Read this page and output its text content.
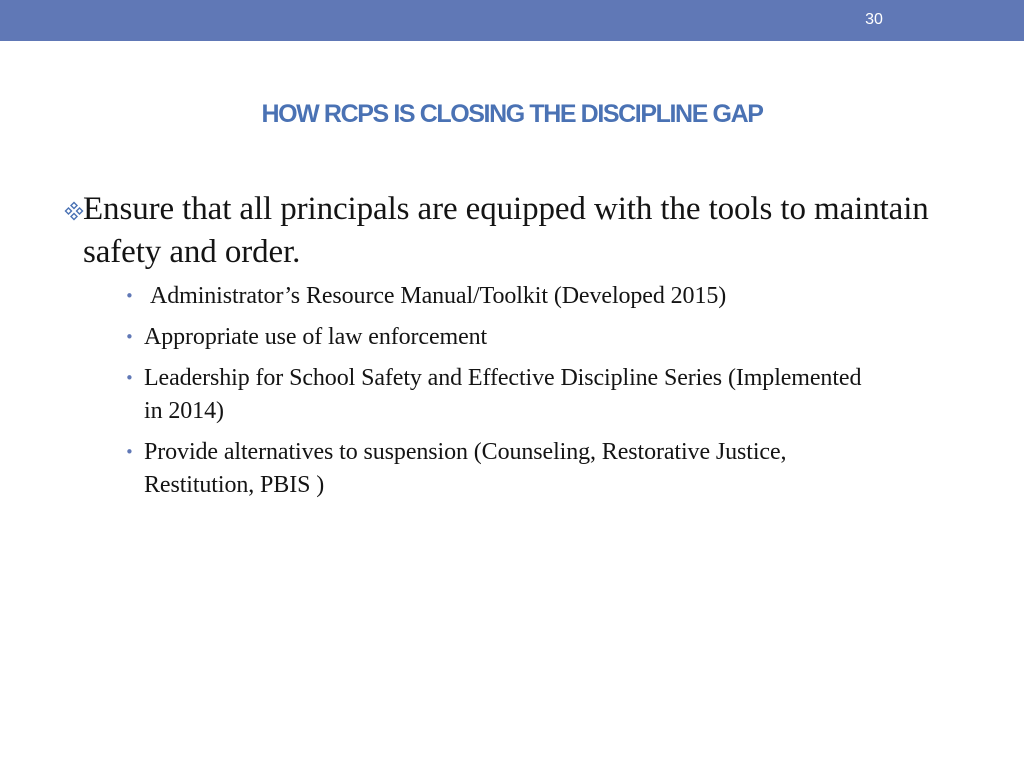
30
HOW RCPS IS CLOSING THE DISCIPLINE GAP
Ensure that all principals are equipped with the tools to maintain safety and order.
• Administrator’s Resource Manual/Toolkit (Developed 2015)
• Appropriate use of law enforcement
• Leadership for School Safety and Effective Discipline Series (Implemented in 2014)
• Provide alternatives to suspension (Counseling, Restorative Justice, Restitution, PBIS )
